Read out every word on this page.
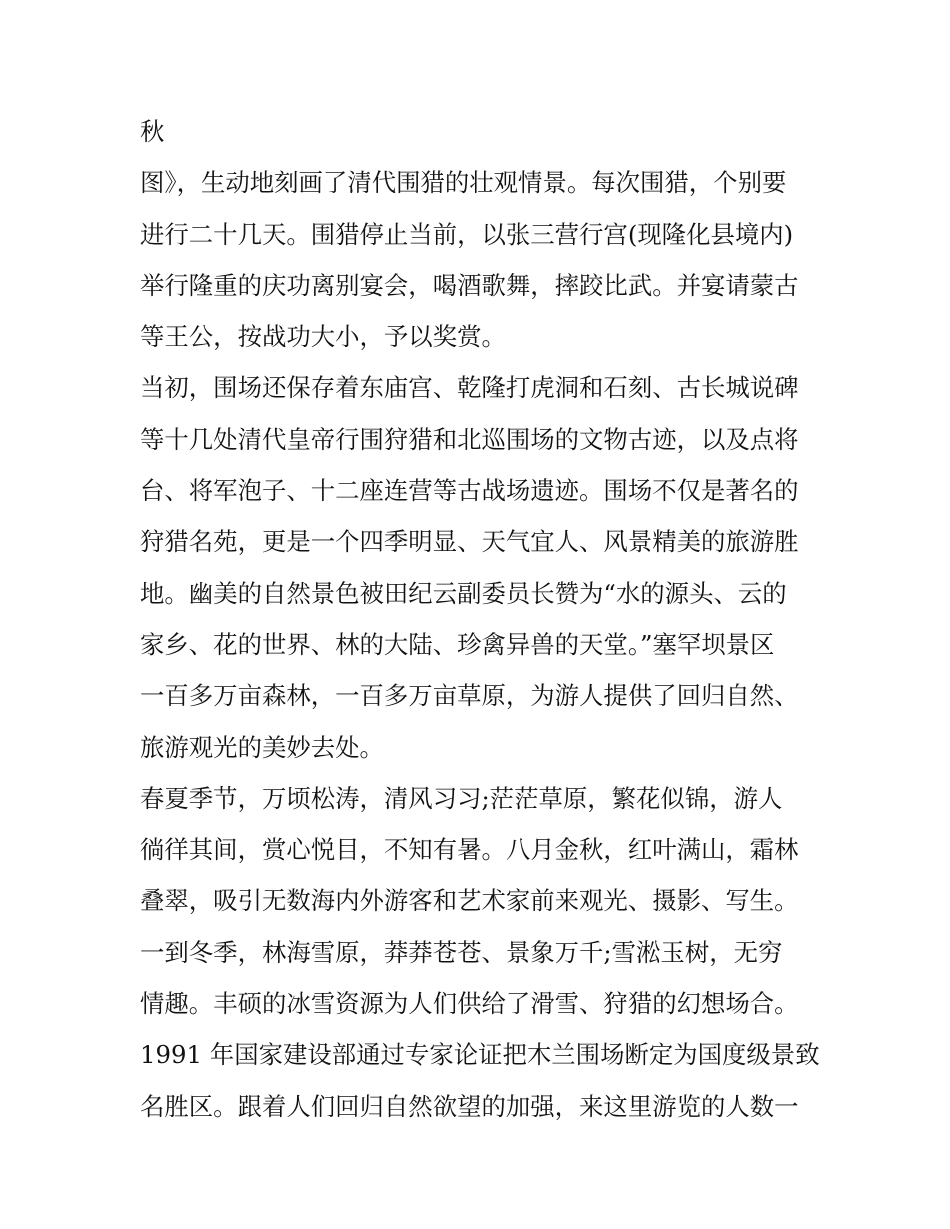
秋
图》，生动地刻画了清代围猎的壮观情景。每次围猎，个别要
进行二十几天。围猎停止当前，以张三营行宫(现隆化县境内)
举行隆重的庆功离别宴会，喝酒歌舞，摔跤比武。并宴请蒙古
等王公，按战功大小，予以奖赏。
当初，围场还保存着东庙宫、乾隆打虎洞和石刻、古长城说碑
等十几处清代皇帝行围狩猎和北巡围场的文物古迹，以及点将
台、将军泡子、十二座连营等古战场遗迹。围场不仅是著名的
狩猎名苑，更是一个四季明显、天气宜人、风景精美的旅游胜
地。幽美的自然景色被田纪云副委员长赞为“水的源头、云的
家乡、花的世界、林的大陆、珍禽异兽的天堂。”塞罕坝景区
一百多万亩森林，一百多万亩草原，为游人提供了回归自然、
旅游观光的美妙去处。
春夏季节，万顷松涛，清风习习;茫茫草原，繁花似锦，游人
徜徉其间，赏心悦目，不知有暑。八月金秋，红叶满山，霜林
叠翠，吸引无数海内外游客和艺术家前来观光、摄影、写生。
一到冬季，林海雪原，莽莽苍苍、景象万千;雪淞玉树，无穷
情趣。丰硕的冰雪资源为人们供给了滑雪、狩猎的幻想场合。
1991 年国家建设部通过专家论证把木兰围场断定为国度级景致
名胜区。跟着人们回归自然欲望的加强，来这里游览的人数一
